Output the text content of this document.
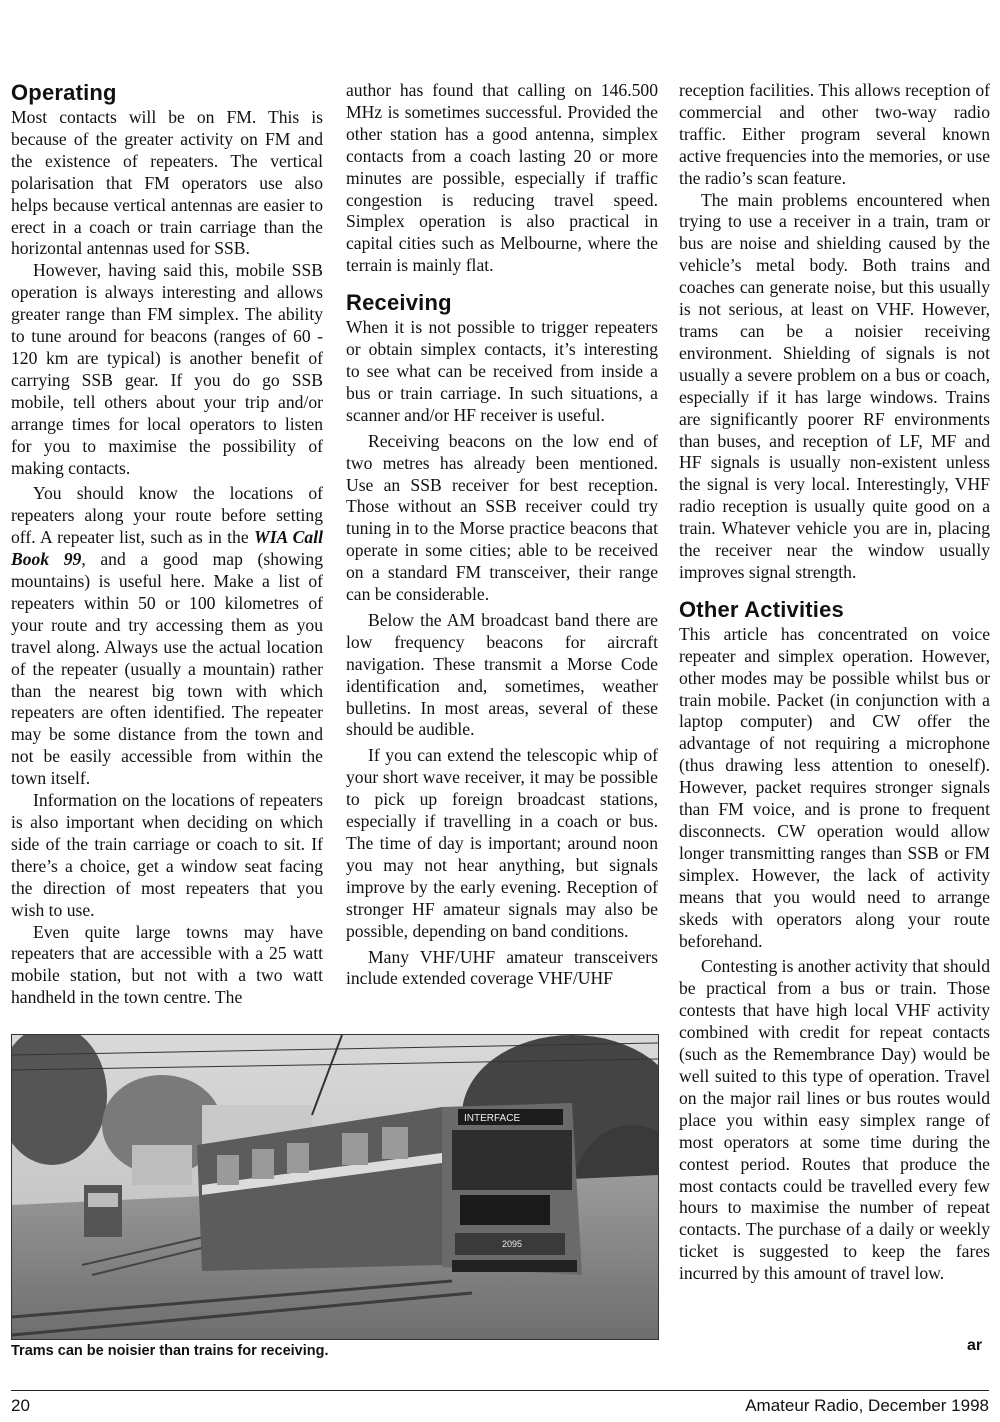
Operating

Most contacts will be on FM. This is because of the greater activity on FM and the existence of repeaters. The vertical polarisation that FM operators use also helps because vertical antennas are easier to erect in a coach or train carriage than the horizontal antennas used for SSB.

However, having said this, mobile SSB operation is always interesting and allows greater range than FM simplex. The ability to tune around for beacons (ranges of 60 - 120 km are typical) is another benefit of carrying SSB gear. If you do go SSB mobile, tell others about your trip and/or arrange times for local operators to listen for you to maximise the possibility of making contacts.

You should know the locations of repeaters along your route before setting off. A repeater list, such as in the WIA Call Book 99, and a good map (showing mountains) is useful here. Make a list of repeaters within 50 or 100 kilometres of your route and try accessing them as you travel along. Always use the actual location of the repeater (usually a mountain) rather than the nearest big town with which repeaters are often identified. The repeater may be some distance from the town and not be easily accessible from within the town itself.

Information on the locations of repeaters is also important when deciding on which side of the train carriage or coach to sit. If there’s a choice, get a window seat facing the direction of most repeaters that you wish to use.

Even quite large towns may have repeaters that are accessible with a 25 watt mobile station, but not with a two watt handheld in the town centre. The

author has found that calling on 146.500 MHz is sometimes successful. Provided the other station has a good antenna, simplex contacts from a coach lasting 20 or more minutes are possible, especially if traffic congestion is reducing travel speed. Simplex operation is also practical in capital cities such as Melbourne, where the terrain is mainly flat.

Receiving

When it is not possible to trigger repeaters or obtain simplex contacts, it’s interesting to see what can be received from inside a bus or train carriage. In such situations, a scanner and/or HF receiver is useful.

Receiving beacons on the low end of two metres has already been mentioned. Use an SSB receiver for best reception. Those without an SSB receiver could try tuning in to the Morse practice beacons that operate in some cities; able to be received on a standard FM transceiver, their range can be considerable.

Below the AM broadcast band there are low frequency beacons for aircraft navigation. These transmit a Morse Code identification and, sometimes, weather bulletins. In most areas, several of these should be audible.

If you can extend the telescopic whip of your short wave receiver, it may be possible to pick up foreign broadcast stations, especially if travelling in a coach or bus. The time of day is important; around noon you may not hear anything, but signals improve by the early evening. Reception of stronger HF amateur signals may also be possible, depending on band conditions.

Many VHF/UHF amateur transceivers include extended coverage VHF/UHF

reception facilities. This allows reception of commercial and other two-way radio traffic. Either program several known active frequencies into the memories, or use the radio’s scan feature.

The main problems encountered when trying to use a receiver in a train, tram or bus are noise and shielding caused by the vehicle’s metal body. Both trains and coaches can generate noise, but this usually is not serious, at least on VHF. However, trams can be a noisier receiving environment. Shielding of signals is not usually a severe problem on a bus or coach, especially if it has large windows. Trains are significantly poorer RF environments than buses, and reception of LF, MF and HF signals is usually non-existent unless the signal is very local. Interestingly, VHF radio reception is usually quite good on a train. Whatever vehicle you are in, placing the receiver near the window usually improves signal strength.

Other Activities

This article has concentrated on voice repeater and simplex operation. However, other modes may be possible whilst bus or train mobile. Packet (in conjunction with a laptop computer) and CW offer the advantage of not requiring a microphone (thus drawing less attention to oneself). However, packet requires stronger signals than FM voice, and is prone to frequent disconnects. CW operation would allow longer transmitting ranges than SSB or FM simplex. However, the lack of activity means that you would need to arrange skeds with operators along your route beforehand.

Contesting is another activity that should be practical from a bus or train. Those contests that have high local VHF activity combined with credit for repeat contacts (such as the Remembrance Day) would be well suited to this type of operation. Travel on the major rail lines or bus routes would place you within easy simplex range of most operators at some time during the contest period. Routes that produce the most contacts could be travelled every few hours to maximise the number of repeat contacts. The purchase of a daily or weekly ticket is suggested to keep the fares incurred by this amount of travel low.

INTERFACE
2095
Trams can be noisier than trains for receiving.	ar
20	Amateur Radio, December 1998
